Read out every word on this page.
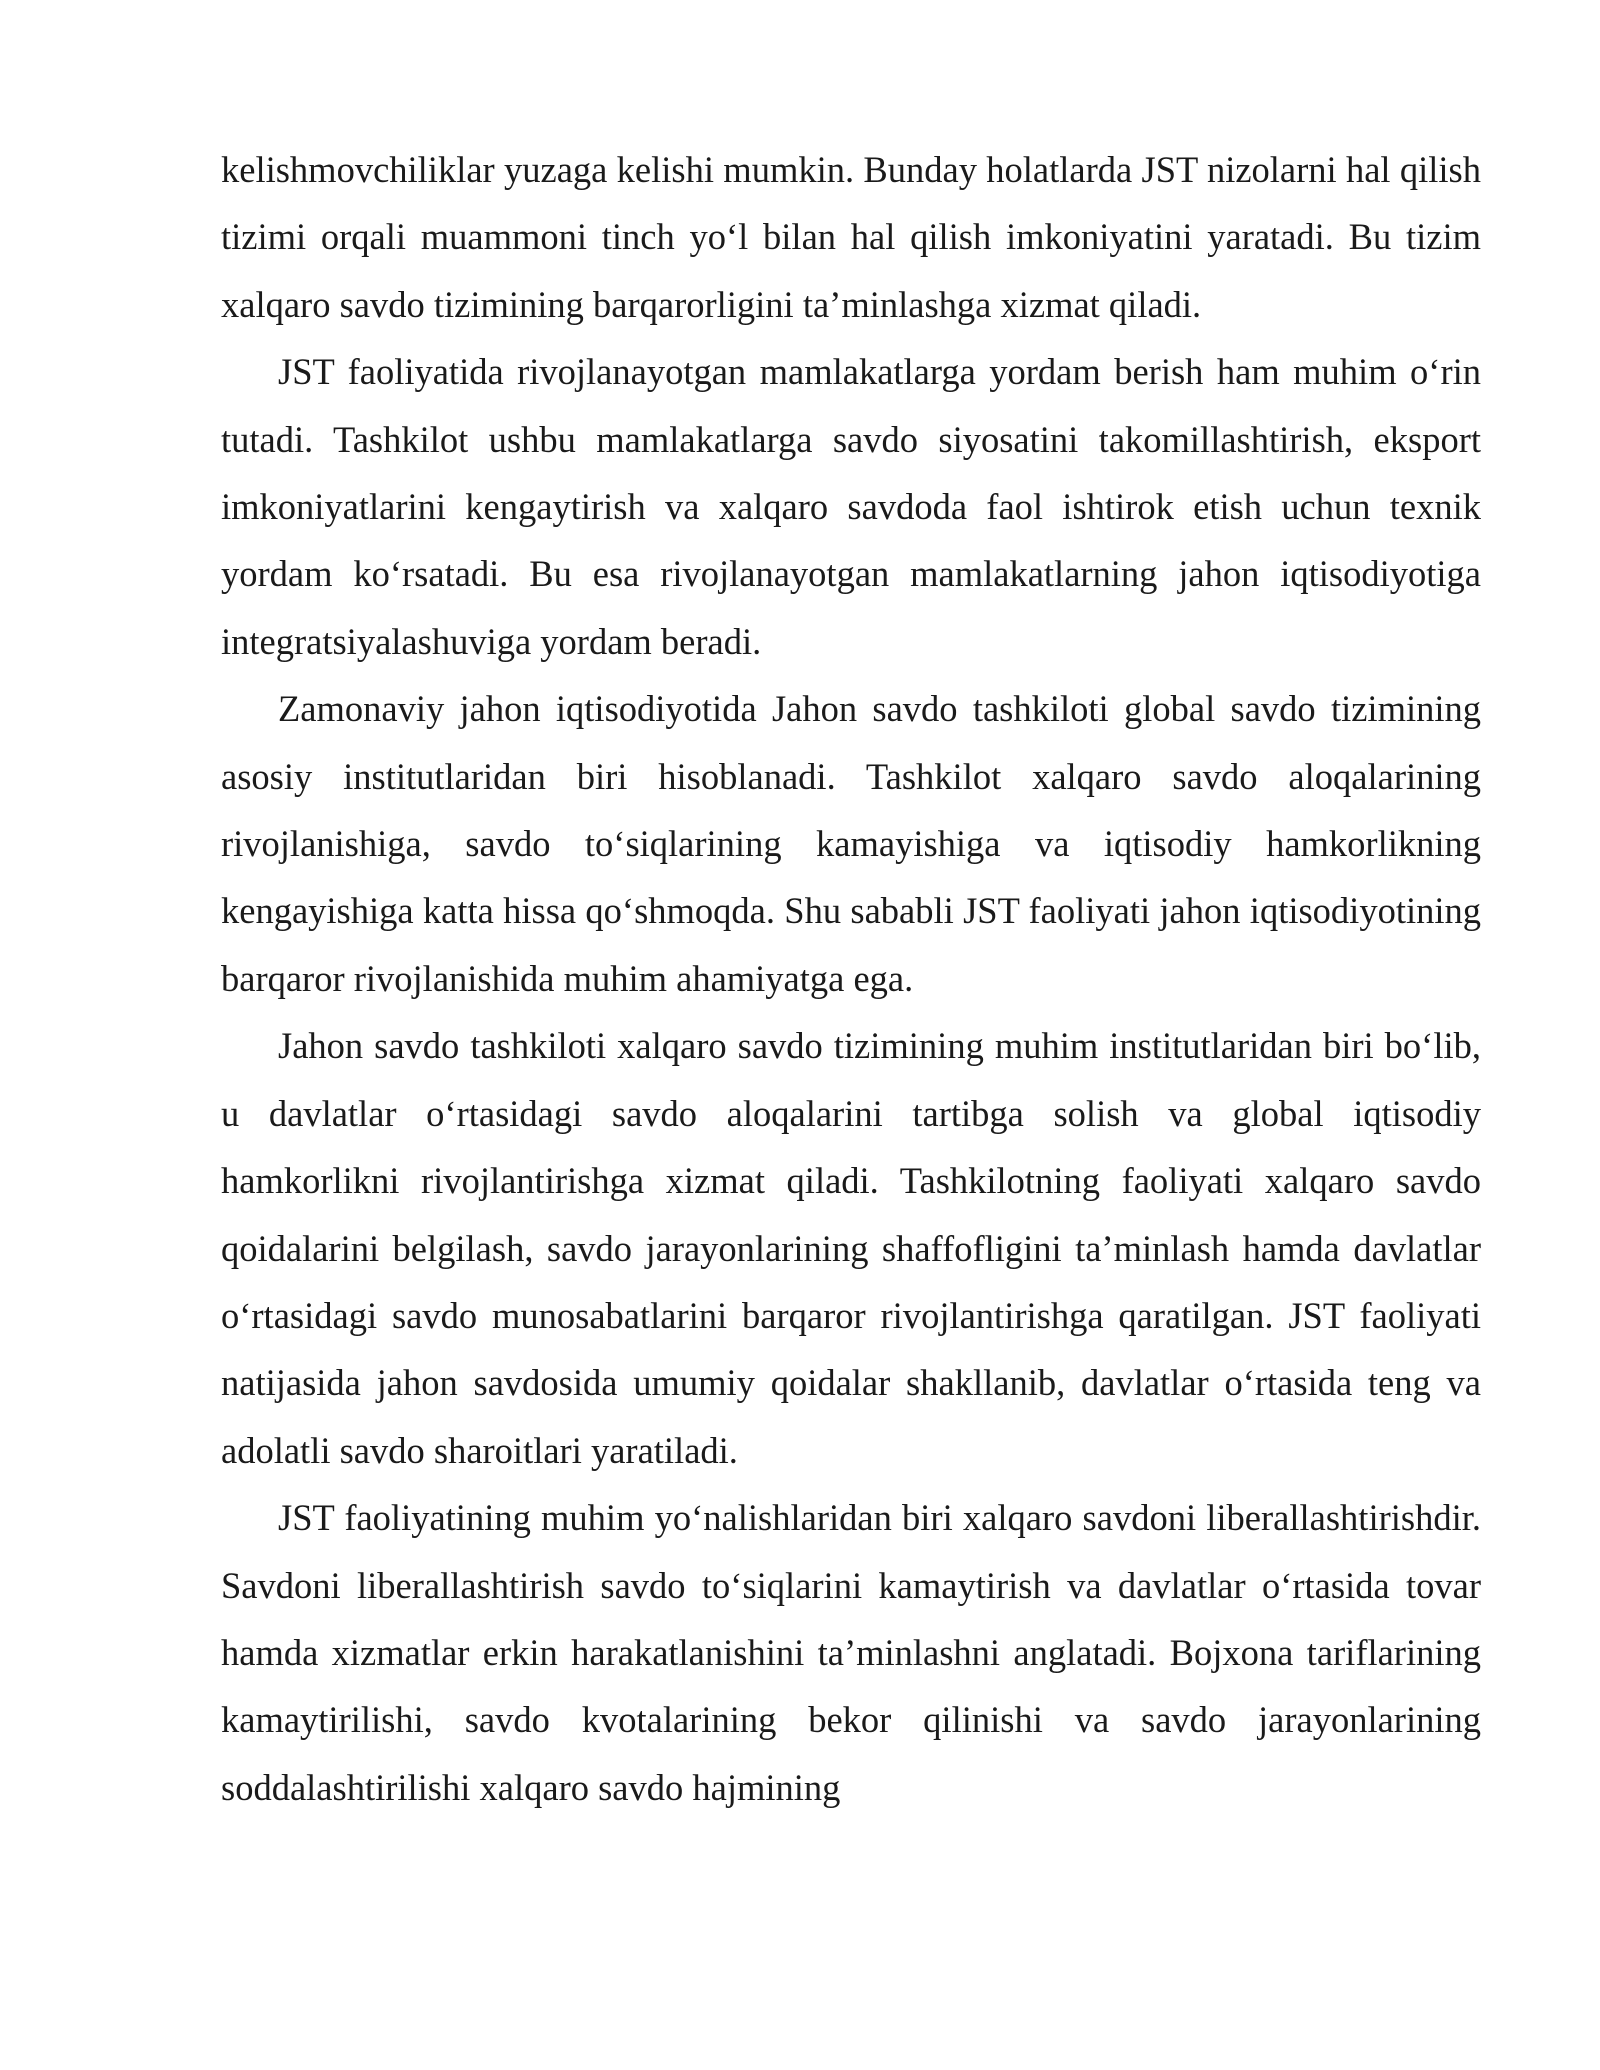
kelishmovchiliklar yuzaga kelishi mumkin. Bunday holatlarda JST nizolarni hal qilish tizimi orqali muammoni tinch yo‘l bilan hal qilish imkoniyatini yaratadi. Bu tizim xalqaro savdo tizimining barqarorligini ta’minlashga xizmat qiladi.

JST faoliyatida rivojlanayotgan mamlakatlarga yordam berish ham muhim o‘rin tutadi. Tashkilot ushbu mamlakatlarga savdo siyosatini takomillashtirish, eksport imkoniyatlarini kengaytirish va xalqaro savdoda faol ishtirok etish uchun texnik yordam ko‘rsatadi. Bu esa rivojlanayotgan mamlakatlarning jahon iqtisodiyotiga integratsiyalashuviga yordam beradi.

Zamonaviy jahon iqtisodiyotida Jahon savdo tashkiloti global savdo tizimining asosiy institutlaridan biri hisoblanadi. Tashkilot xalqaro savdo aloqalarining rivojlanishiga, savdo to‘siqlarining kamayishiga va iqtisodiy hamkorlikning kengayishiga katta hissa qo‘shmoqda. Shu sababli JST faoliyati jahon iqtisodiyotining barqaror rivojlanishida muhim ahamiyatga ega.

Jahon savdo tashkiloti xalqaro savdo tizimining muhim institutlaridan biri bo‘lib, u davlatlar o‘rtasidagi savdo aloqalarini tartibga solish va global iqtisodiy hamkorlikni rivojlantirishga xizmat qiladi. Tashkilotning faoliyati xalqaro savdo qoidalarini belgilash, savdo jarayonlarining shaffofligini ta’minlash hamda davlatlar o‘rtasidagi savdo munosabatlarini barqaror rivojlantirishga qaratilgan. JST faoliyati natijasida jahon savdosida umumiy qoidalar shakllanib, davlatlar o‘rtasida teng va adolatli savdo sharoitlari yaratiladi.

JST faoliyatining muhim yo‘nalishlaridan biri xalqaro savdoni liberallashtirishdir. Savdoni liberallashtirish savdo to‘siqlarini kamaytirish va davlatlar o‘rtasida tovar hamda xizmatlar erkin harakatlanishini ta’minlashni anglatadi. Bojxona tariflarining kamaytirilishi, savdo kvotalarining bekor qilinishi va savdo jarayonlarining soddalashtirilishi xalqaro savdo hajmining
